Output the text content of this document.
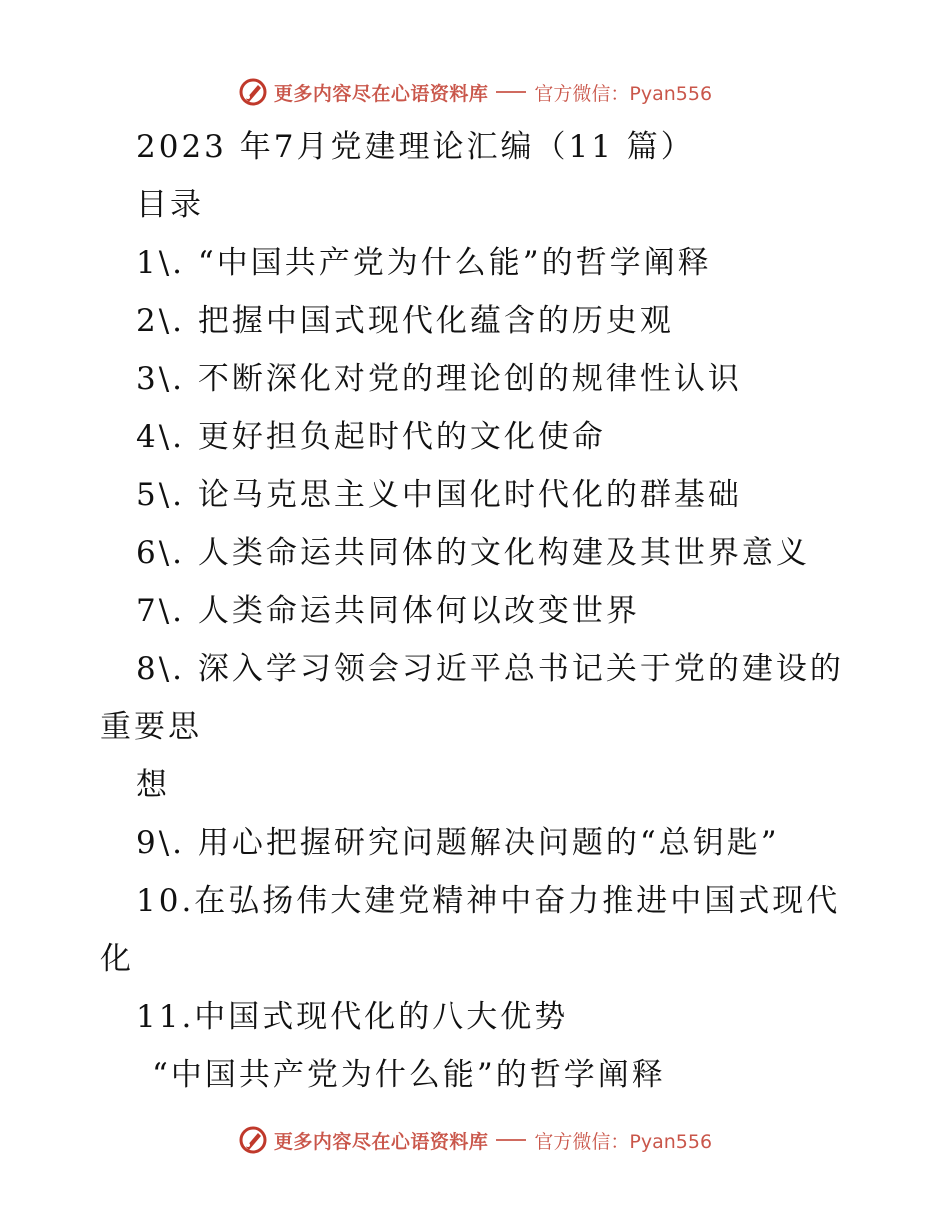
更多内容尽在心语资料库 官方微信：Pyan556
2023 年7月党建理论汇编（11 篇）
目录
1\. “中国共产党为什么能”的哲学阐释
2\. 把握中国式现代化蕴含的历史观
3\. 不断深化对党的理论创的规律性认识
4\. 更好担负起时代的文化使命
5\. 论马克思主义中国化时代化的群基础
6\. 人类命运共同体的文化构建及其世界意义
7\. 人类命运共同体何以改变世界
8\. 深入学习领会习近平总书记关于党的建设的
重要思
想
9\. 用心把握研究问题解决问题的“总钥匙”
10.在弘扬伟大建党精神中奋力推进中国式现代
化
11.中国式现代化的八大优势
“中国共产党为什么能”的哲学阐释
更多内容尽在心语资料库 官方微信：Pyan556
